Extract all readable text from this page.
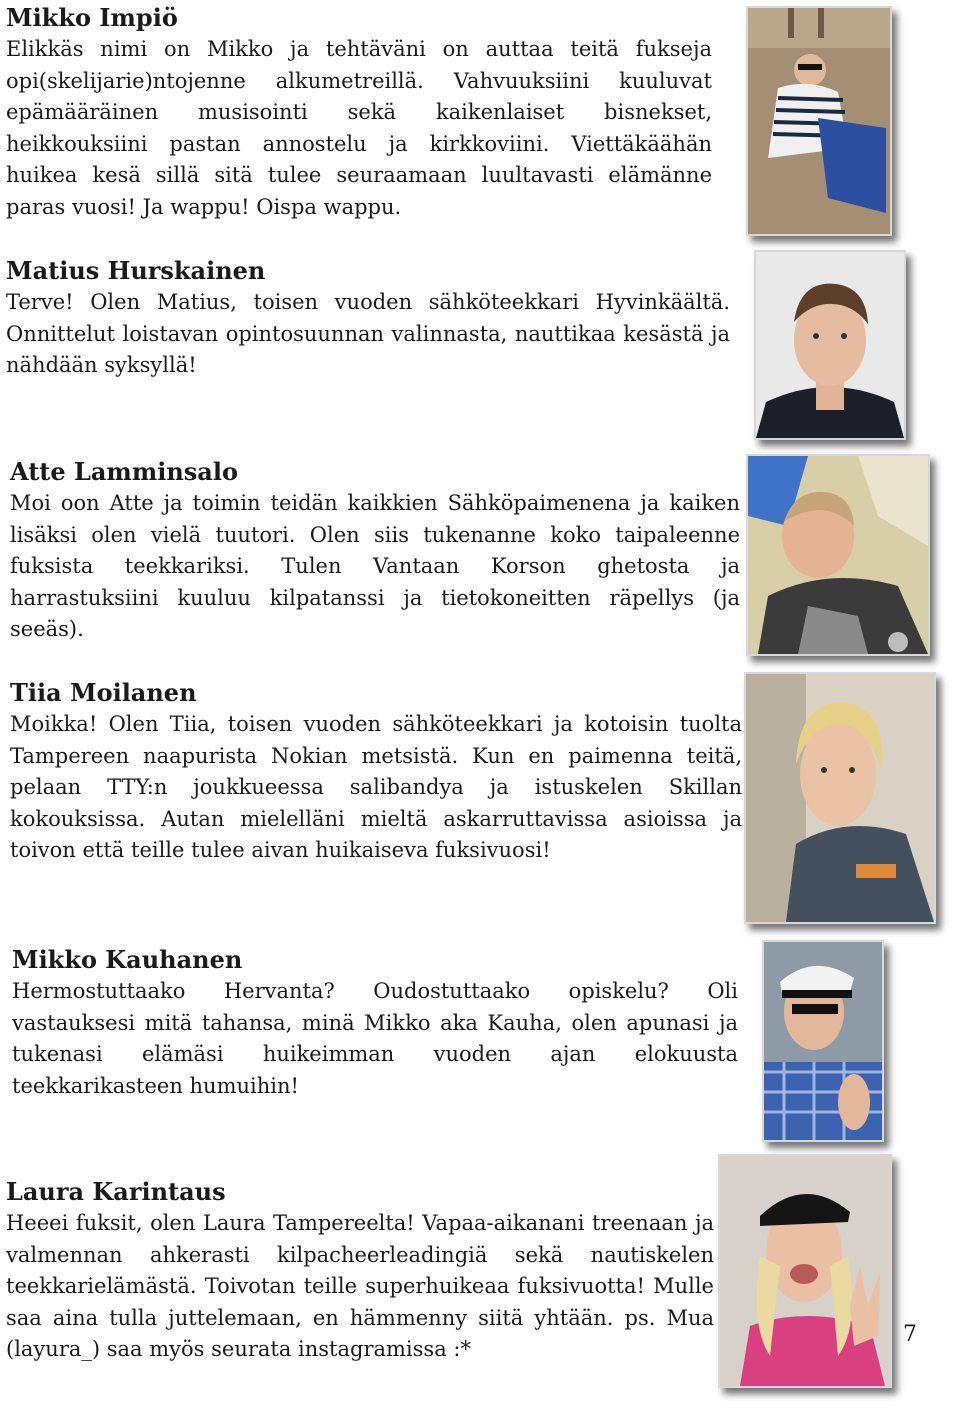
Mikko Impiö

Elikkäs nimi on Mikko ja tehtäväni on auttaa teitä fukseja opi(skelijarie)ntojenne alkumetreillä. Vahvuuksiini kuuluvat epämääräinen musisointi sekä kaikenlaiset bisnekset, heikkouksiini pastan annostelu ja kirkkoviini. Viettäkäähän huikea kesä sillä sitä tulee seuraamaan luultavasti elämänne paras vuosi! Ja wappu! Oispa wappu.

Matius Hurskainen

Terve! Olen Matius, toisen vuoden sähköteekkari Hyvinkäältä. Onnittelut loistavan opintosuunnan valinnasta, nauttikaa kesästä ja nähdään syksyllä!

Atte Lamminsalo

Moi oon Atte ja toimin teidän kaikkien Sähköpaimenena ja kaiken lisäksi olen vielä tuutori. Olen siis tukenanne koko taipaleenne fuksista teekkariksi. Tulen Vantaan Korson ghetosta ja harrastuksiini kuuluu kilpatanssi ja tietokoneitten räpellys (ja seeäs).

Tiia Moilanen

Moikka! Olen Tiia, toisen vuoden sähköteekkari ja kotoisin tuolta Tampereen naapurista Nokian metsistä. Kun en paimenna teitä, pelaan TTY:n joukkueessa salibandya ja istuskelen Skillan kokouksissa. Autan mielelläni mieltä askarruttavissa asioissa ja toivon että teille tulee aivan huikaiseva fuksivuosi!

Mikko Kauhanen

Hermostuttaako Hervanta? Oudostuttaako opiskelu? Oli vastauksesi mitä tahansa, minä Mikko aka Kauha, olen apunasi ja tukenasi elämäsi huikeimman vuoden ajan elokuusta teekkarikasteen humuihin!

Laura Karintaus

Heeei fuksit, olen Laura Tampereelta! Vapaa-aikanani treenaan ja valmennan ahkerasti kilpacheerleadingiä sekä nautiskelen teekkarielämästä. Toivotan teille superhuikeaa fuksivuotta! Mulle saa aina tulla juttelemaan, en hämmenny siitä yhtään. ps. Mua (layura_) saa myös seurata instagramissa :*

7
